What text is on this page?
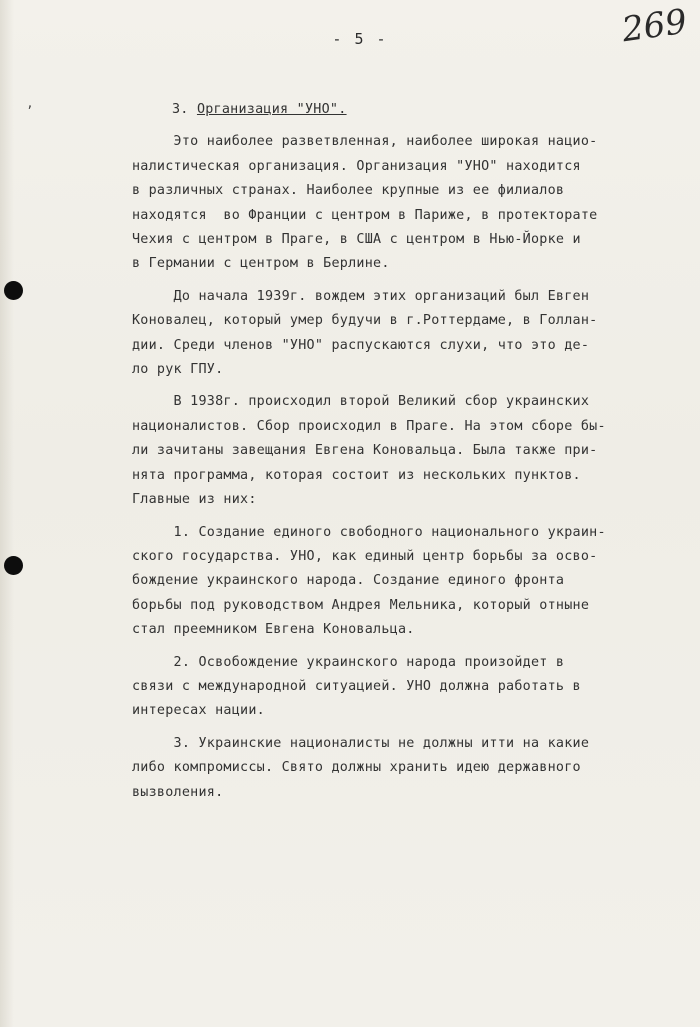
ʼ
- 5 -	269
3. Организация "УНО".
Это наиболее разветвленная, наиболее широкая нацио-
налистическая организация. Организация "УНО" находится
в различных странах. Наиболее крупные из ее филиалов
находятся  во Франции с центром в Париже, в протекторате
Чехия с центром в Праге, в США с центром в Нью-Йорке и
в Германии с центром в Берлине.
До начала 1939г. вождем этих организаций был Евген
Коновалец, который умер будучи в г.Роттердаме, в Голлан-
дии. Среди членов "УНО" распускаются слухи, что это де-
ло рук ГПУ.
В 1938г. происходил второй Великий сбор украинских
националистов. Сбор происходил в Праге. На этом сборе бы-
ли зачитаны завещания Евгена Коновальца. Была также при-
нята программа, которая состоит из нескольких пунктов.
Главные из них:
1. Создание единого свободного национального украин-
ского государства. УНО, как единый центр борьбы за осво-
бождение украинского народа. Создание единого фронта
борьбы под руководством Андрея Мельника, который отныне
стал преемником Евгена Коновальца.
2. Освобождение украинского народа произойдет в
связи с международной ситуацией. УНО должна работать в
интересах нации.
3. Украинские националисты не должны итти на какие
либо компромиссы. Свято должны хранить идею державного
вызволения.
